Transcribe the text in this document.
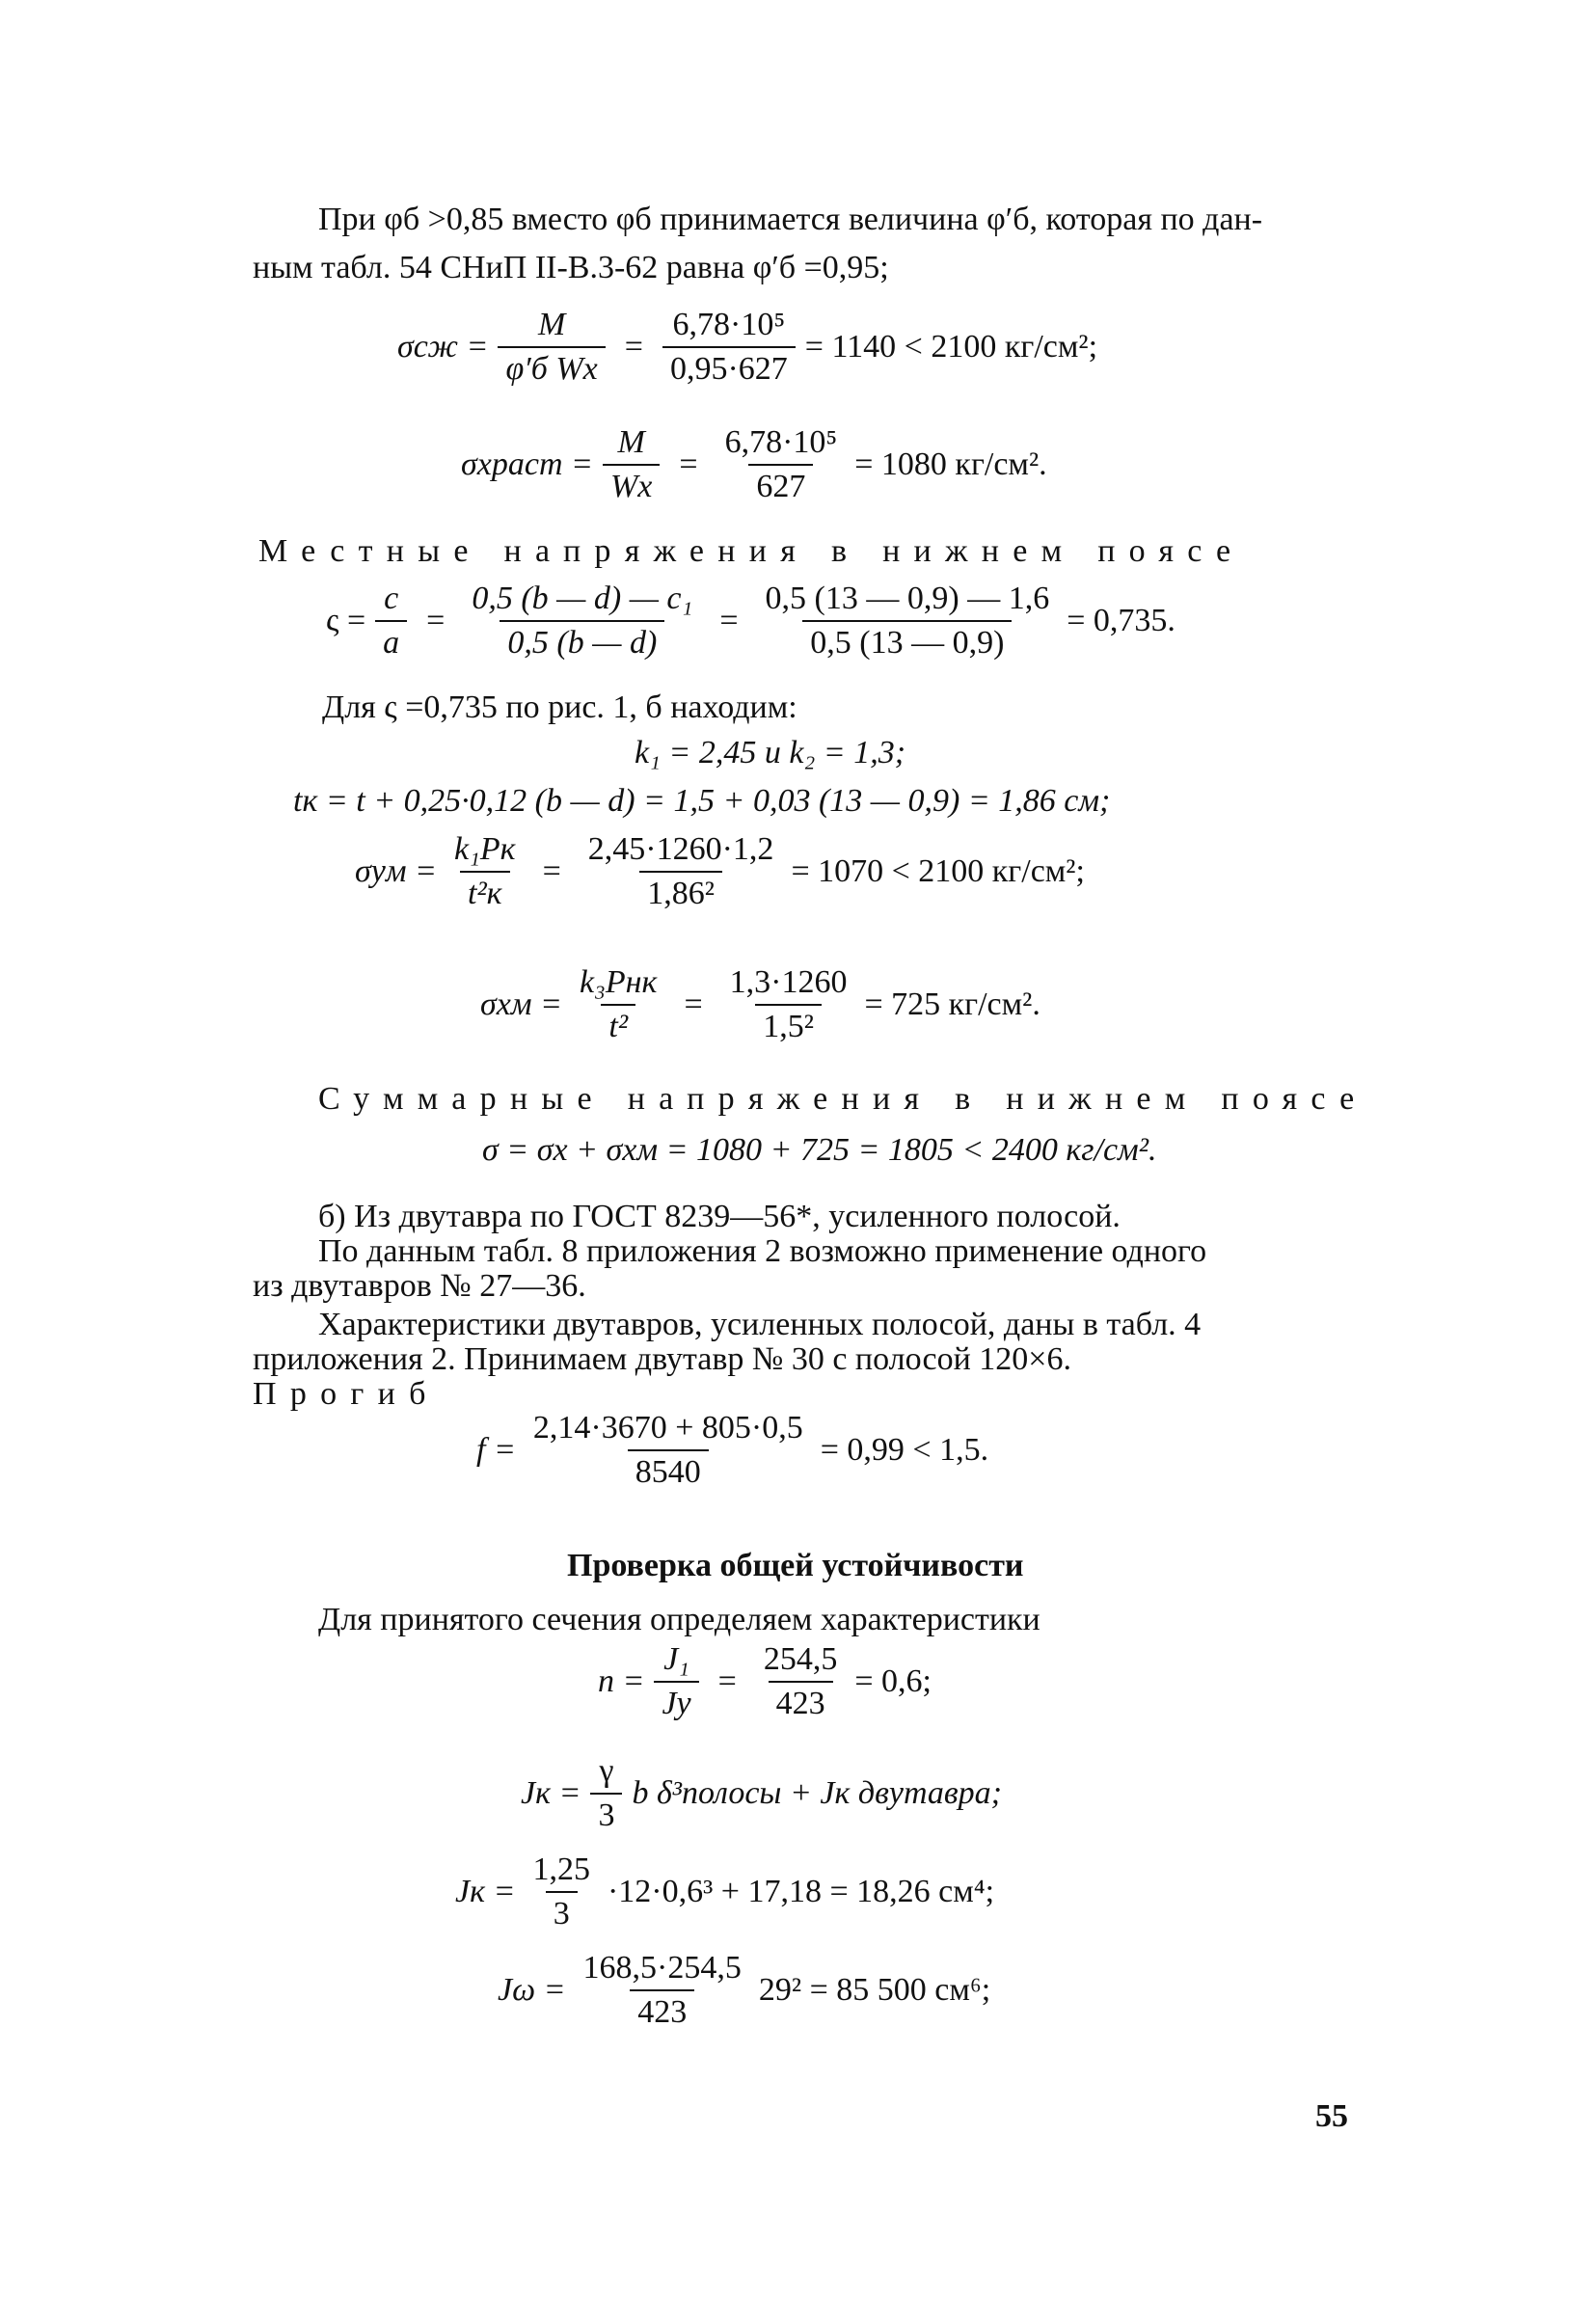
При φб >0,85 вместо φб принимается величина φ′б, которая по дан-
ным табл. 54 СНиП II-В.3-62 равна φ′б =0,95;
$\sigma сж = \frac{M}{\text{φ′б Wx}} = \frac{\text{6,78·10⁵}}{0,95\cdot 627} = 1140 < 2100$ кг/см²;
σxраст = $\frac{M}{Wx} = \frac{\text{6,78·10⁵}}{627} = 1080$ кг/см².
Местные напряжения в нижнем поясе
$\varsigma = \frac{c}{a} = \frac{\text{0,5 (b — d) — c₁}}{0,5 (b — d)} = \frac{0,5 (13 — 0,9) — 1,6}{0,5 (13 — 0,9)} = 0,735$.
Для ς =0,735 по рис. 1, б находим:
k₁ = 2,45 и k₂ = 1,3;
tк = t + 0,25·0,12 (b — d) = 1,5 + 0,03 (13 — 0,9) = 1,86 см;
$\sigma yм = \frac{\text{k₁Pк}}{\text{t²к}} = \frac{2,45\cdot 1260\cdot 1,2}{\text{1,86²}} = 1070 < 2100$ кг/см²;
$\sigma xм = \frac{\text{k₃Pнк}}{\text{t²}} = \frac{1,3\cdot 1260}{\text{1,5²}} = 725$ кг/см².
Суммарные напряжения в нижнем поясе
σ = σx + σxм = 1080 + 725 = 1805 < 2400 кг/см².
б) Из двутавра по ГОСТ 8239—56*, усиленного полосой.
По данным табл. 8 приложения 2 возможно применение одного
из двутавров № 27—36.
Характеристики двутавров, усиленных полосой, даны в табл. 4
приложения 2. Принимаем двутавр № 30 с полосой 120×6.
Прогиб
$f = \frac{2,14\cdot 3670 + 805\cdot 0,5}{8540} = 0,99 < 1,5$.
Проверка общей устойчивости
Для принятого сечения определяем характеристики
$n = \frac{\text{J₁}}{Jy} = \frac{254,5}{423} = 0,6$;
Jк = $\frac{\gamma}{3}$ b δ³полосы + Jк двутавра;
Jк = $\frac{1,25}{3} \cdot 12\cdot 0,6^3 + 17,18 = 18,26$ см⁴;
$J\omega = \frac{168,5\cdot 254,5}{423} 29^2 = 85$ 500 см⁶;
55
